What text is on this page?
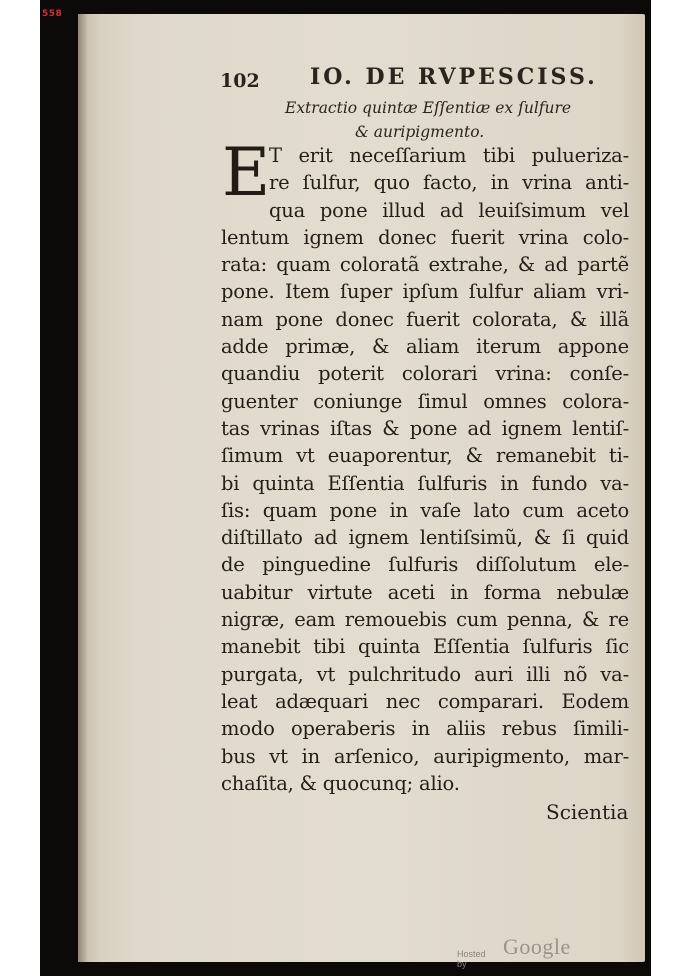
558
102 IO. DE RVPESCISS.
Extractio quintæ Eſſentiæ ex ſulfure
& auripigmento.
E
T erit neceſſarium tibi pulueriza-
re ſulfur, quo facto, in vrina anti-
qua pone illud ad leuiſsimum vel
lentum ignem donec fuerit vrina colo-
rata: quam coloratã extrahe, & ad partẽ
pone. Item ſuper ipſum ſulfur aliam vri-
nam pone donec fuerit colorata, & illã
adde primæ, & aliam iterum appone
quandiu poterit colorari vrina: conſe-
guenter coniunge ſimul omnes colora-
tas vrinas iſtas & pone ad ignem lentiſ-
ſimum vt euaporentur, & remanebit ti-
bi quinta Eſſentia ſulfuris in fundo va-
ſis: quam pone in vaſe lato cum aceto
diſtillato ad ignem lentiſsimũ, & ſi quid
de pinguedine ſulfuris diſſolutum ele-
uabitur virtute aceti in forma nebulæ
nigræ, eam remouebis cum penna, & re
manebit tibi quinta Eſſentia ſulfuris ſic
purgata, vt pulchritudo auri illi nõ va-
leat adæquari nec comparari. Eodem
modo operaberis in aliis rebus ſimili-
bus vt in arſenico, auripigmento, mar-
chaſita, & quocunq; alio.
Scientia
Hosted by
Google
